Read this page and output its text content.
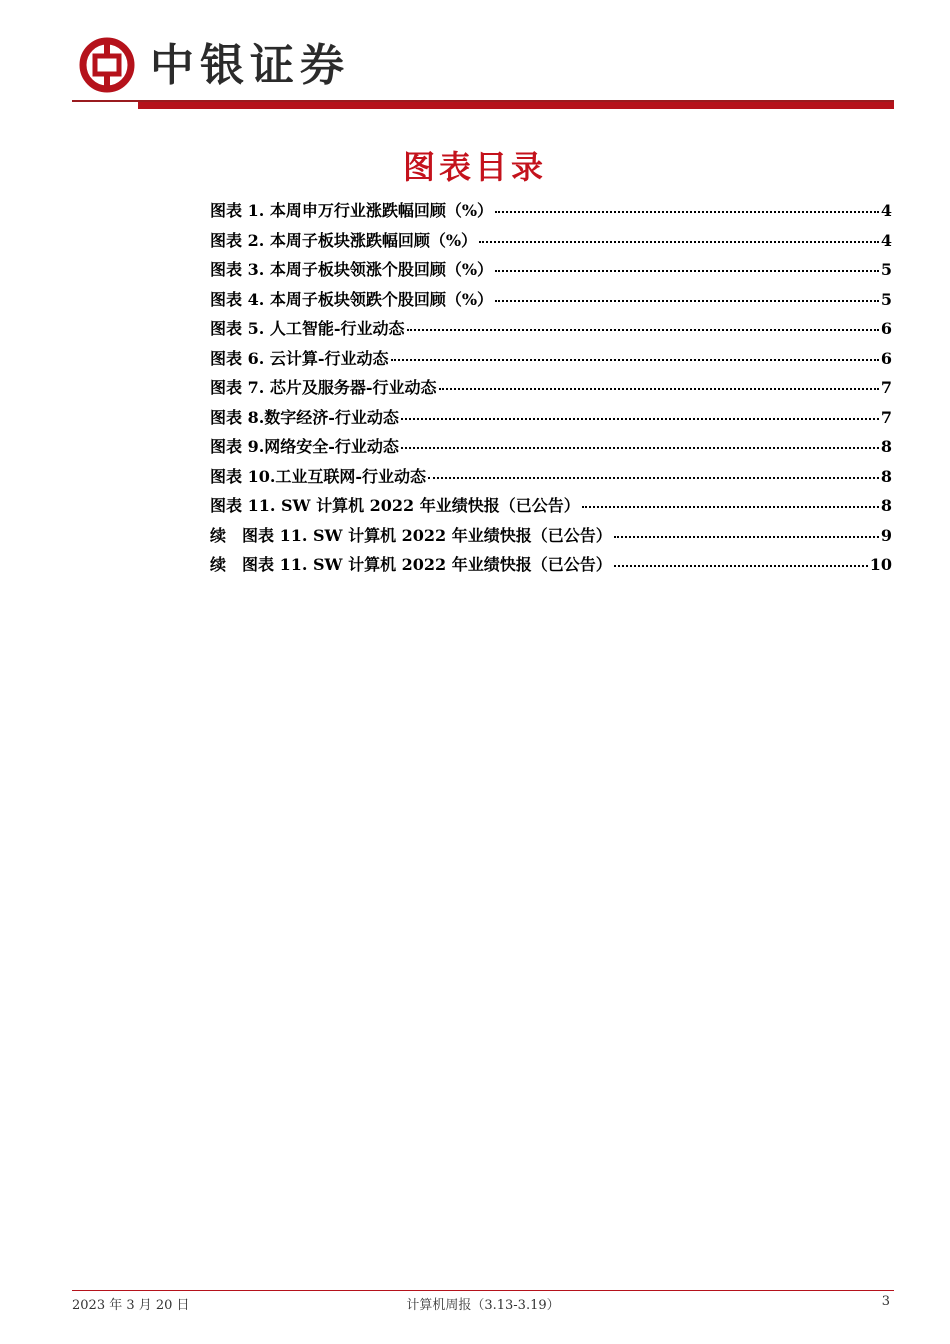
中银证券
图表目录
图表 1. 本周申万行业涨跌幅回顾（%）	4
图表 2. 本周子板块涨跌幅回顾（%）	4
图表 3. 本周子板块领涨个股回顾（%）	5
图表 4. 本周子板块领跌个股回顾（%）	5
图表 5. 人工智能-行业动态	6
图表 6. 云计算-行业动态	6
图表 7. 芯片及服务器-行业动态	7
图表 8.数字经济-行业动态	7
图表 9.网络安全-行业动态	8
图表 10.工业互联网-行业动态	8
图表 11. SW 计算机 2022 年业绩快报（已公告）	8
续　图表 11. SW 计算机 2022 年业绩快报（已公告）	9
续　图表 11. SW 计算机 2022 年业绩快报（已公告）	10
2023 年 3 月 20 日	计算机周报（3.13-3.19）	3
